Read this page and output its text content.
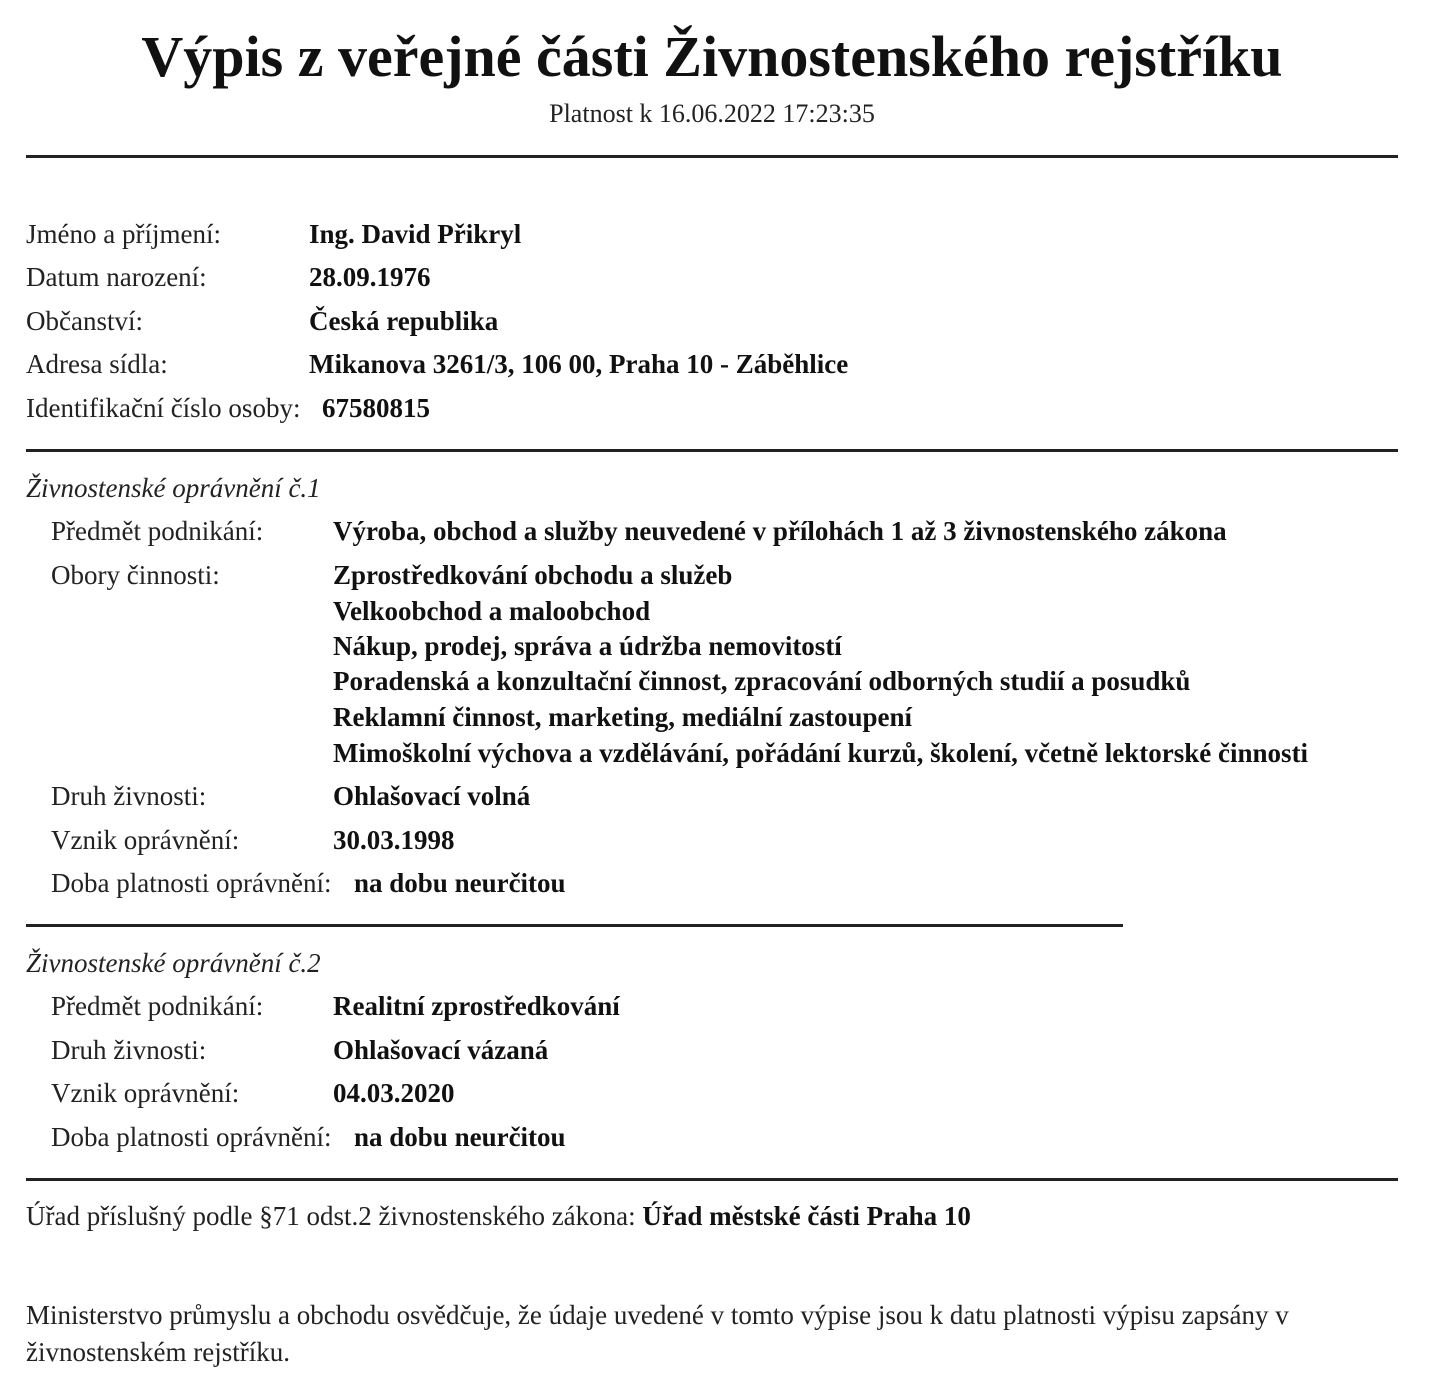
Výpis z veřejné části Živnostenského rejstříku
Platnost k 16.06.2022 17:23:35
Jméno a příjmení:	Ing. David Přikryl
Datum narození:	28.09.1976
Občanství:	Česká republika
Adresa sídla:	Mikanova 3261/3, 106 00, Praha 10 - Záběhlice
Identifikační číslo osoby: 67580815
Živnostenské oprávnění č.1
Předmět podnikání:	Výroba, obchod a služby neuvedené v přílohách 1 až 3 živnostenského zákona
Obory činnosti:	Zprostředkování obchodu a služeb
Velkoobchod a maloobchod
Nákup, prodej, správa a údržba nemovitostí
Poradenská a konzultační činnost, zpracování odborných studií a posudků
Reklamní činnost, marketing, mediální zastoupení
Mimoškolní výchova a vzdělávání, pořádání kurzů, školení, včetně lektorské činnosti
Druh živnosti:	Ohlašovací volná
Vznik oprávnění:	30.03.1998
Doba platnosti oprávnění: na dobu neurčitou
Živnostenské oprávnění č.2
Předmět podnikání:	Realitní zprostředkování
Druh živnosti:	Ohlašovací vázaná
Vznik oprávnění:	04.03.2020
Doba platnosti oprávnění: na dobu neurčitou
Úřad příslušný podle §71 odst.2 živnostenského zákona: Úřad městské části Praha 10
Ministerstvo průmyslu a obchodu osvědčuje, že údaje uvedené v tomto výpise jsou k datu platnosti výpisu zapsány v živnostenském rejstříku.
